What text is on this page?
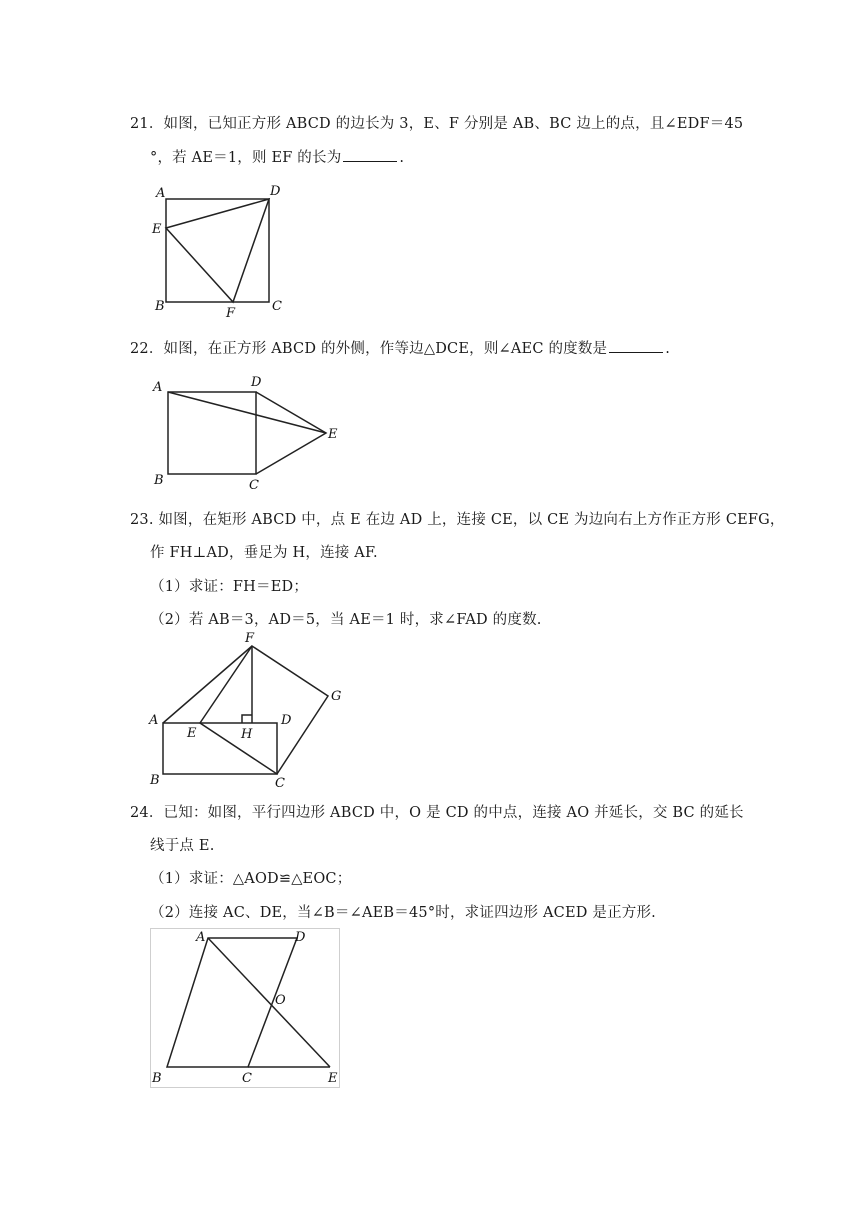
21．如图，已知正方形 ABCD 的边长为 3，E、F 分别是 AB、BC 边上的点，且∠EDF＝45
°，若 AE＝1，则 EF 的长为	.
A	D
E
B	F	C
22．如图，在正方形 ABCD 的外侧，作等边△DCE，则∠AEC 的度数是	.
A	D
E
B	C
23. 如图，在矩形 ABCD 中，点 E 在边 AD 上，连接 CE，以 CE 为边向右上方作正方形 CEFG，
作 FH⊥AD，垂足为 H，连接 AF.
（1）求证：FH＝ED；
（2）若 AB＝3，AD＝5，当 AE＝1 时，求∠FAD 的度数.
F
G
A
E	H
D
B	C
24．已知：如图，平行四边形 ABCD 中，O 是 CD 的中点，连接 AO 并延长，交 BC 的延长
线于点 E.
（1）求证：△AOD≌△EOC；
（2）连接 AC、DE，当∠B＝∠AEB＝45°时，求证四边形 ACED 是正方形.
A	D
O
B	C	E
